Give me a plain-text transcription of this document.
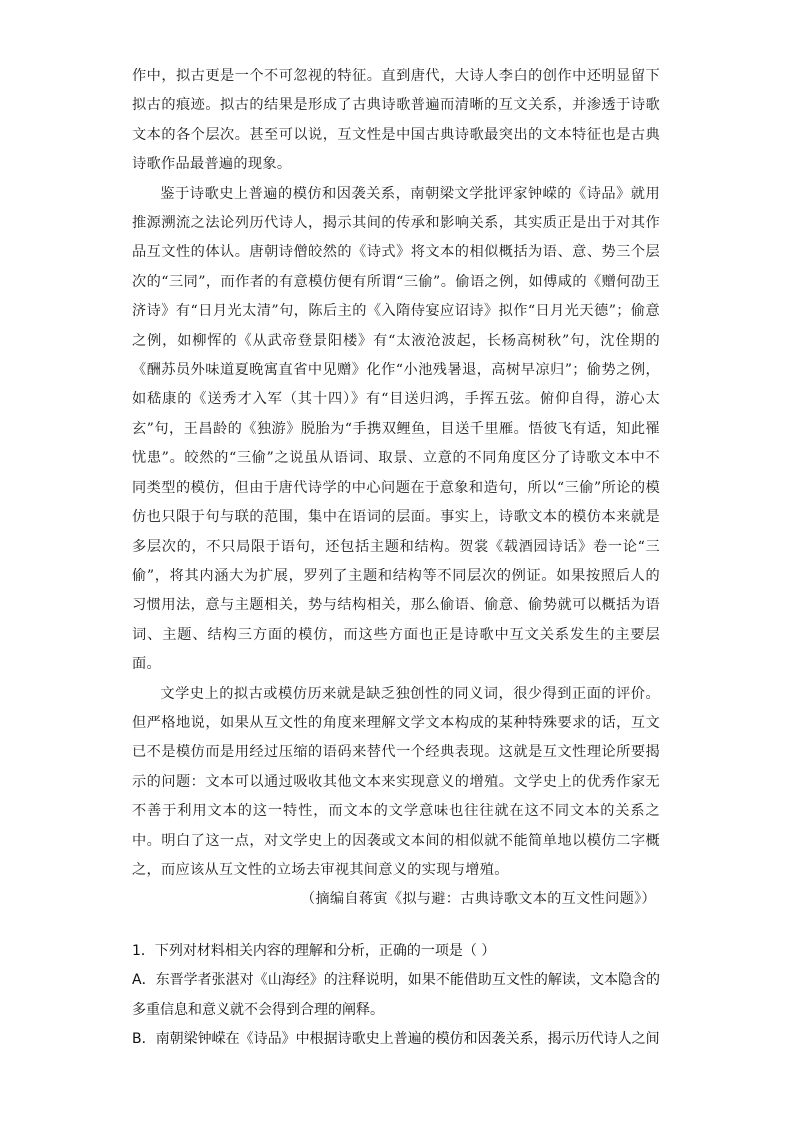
作中，拟古更是一个不可忽视的特征。直到唐代，大诗人李白的创作中还明显留下拟古的痕迹。拟古的结果是形成了古典诗歌普遍而清晰的互文关系，并渗透于诗歌文本的各个层次。甚至可以说，互文性是中国古典诗歌最突出的文本特征也是古典诗歌作品最普遍的现象。

鉴于诗歌史上普遍的模仿和因袭关系，南朝梁文学批评家钟嵘的《诗品》就用推源溯流之法论列历代诗人，揭示其间的传承和影响关系，其实质正是出于对其作品互文性的体认。唐朝诗僧皎然的《诗式》将文本的相似概括为语、意、势三个层次的“三同”，而作者的有意模仿便有所谓“三偷”。偷语之例，如傅咸的《赠何劭王济诗》有“日月光太清”句，陈后主的《入隋侍宴应诏诗》拟作“日月光天德”；偷意之例，如柳恽的《从武帝登景阳楼》有“太液沧波起，长杨高树秋”句，沈佺期的《酬苏员外味道夏晚寓直省中见赠》化作“小池残暑退，高树早凉归”；偷势之例，如嵇康的《送秀才入军（其十四）》有“目送归鸿，手挥五弦。俯仰自得，游心太玄”句，王昌龄的《独游》脱胎为“手携双鲤鱼，目送千里雁。悟彼飞有适，知此罹忧患”。皎然的“三偷”之说虽从语词、取景、立意的不同角度区分了诗歌文本中不同类型的模仿，但由于唐代诗学的中心问题在于意象和造句，所以“三偷”所论的模仿也只限于句与联的范围，集中在语词的层面。事实上，诗歌文本的模仿本来就是多层次的，不只局限于语句，还包括主题和结构。贺裳《载酒园诗话》卷一论“三偷”，将其内涵大为扩展，罗列了主题和结构等不同层次的例证。如果按照后人的习惯用法，意与主题相关，势与结构相关，那么偷语、偷意、偷势就可以概括为语词、主题、结构三方面的模仿，而这些方面也正是诗歌中互文关系发生的主要层面。

文学史上的拟古或模仿历来就是缺乏独创性的同义词，很少得到正面的评价。但严格地说，如果从互文性的角度来理解文学文本构成的某种特殊要求的话，互文已不是模仿而是用经过压缩的语码来替代一个经典表现。这就是互文性理论所要揭示的问题：文本可以通过吸收其他文本来实现意义的增殖。文学史上的优秀作家无不善于利用文本的这一特性，而文本的文学意味也往往就在这不同文本的关系之中。明白了这一点，对文学史上的因袭或文本间的相似就不能简单地以模仿二字概之，而应该从互文性的立场去审视其间意义的实现与增殖。

（摘编自蒋寅《拟与避：古典诗歌文本的互文性问题》）

1．下列对材料相关内容的理解和分析，正确的一项是（ ）

A．东晋学者张湛对《山海经》的注释说明，如果不能借助互文性的解读，文本隐含的多重信息和意义就不会得到合理的阐释。

B．南朝梁钟嵘在《诗品》中根据诗歌史上普遍的模仿和因袭关系，揭示历代诗人之间
